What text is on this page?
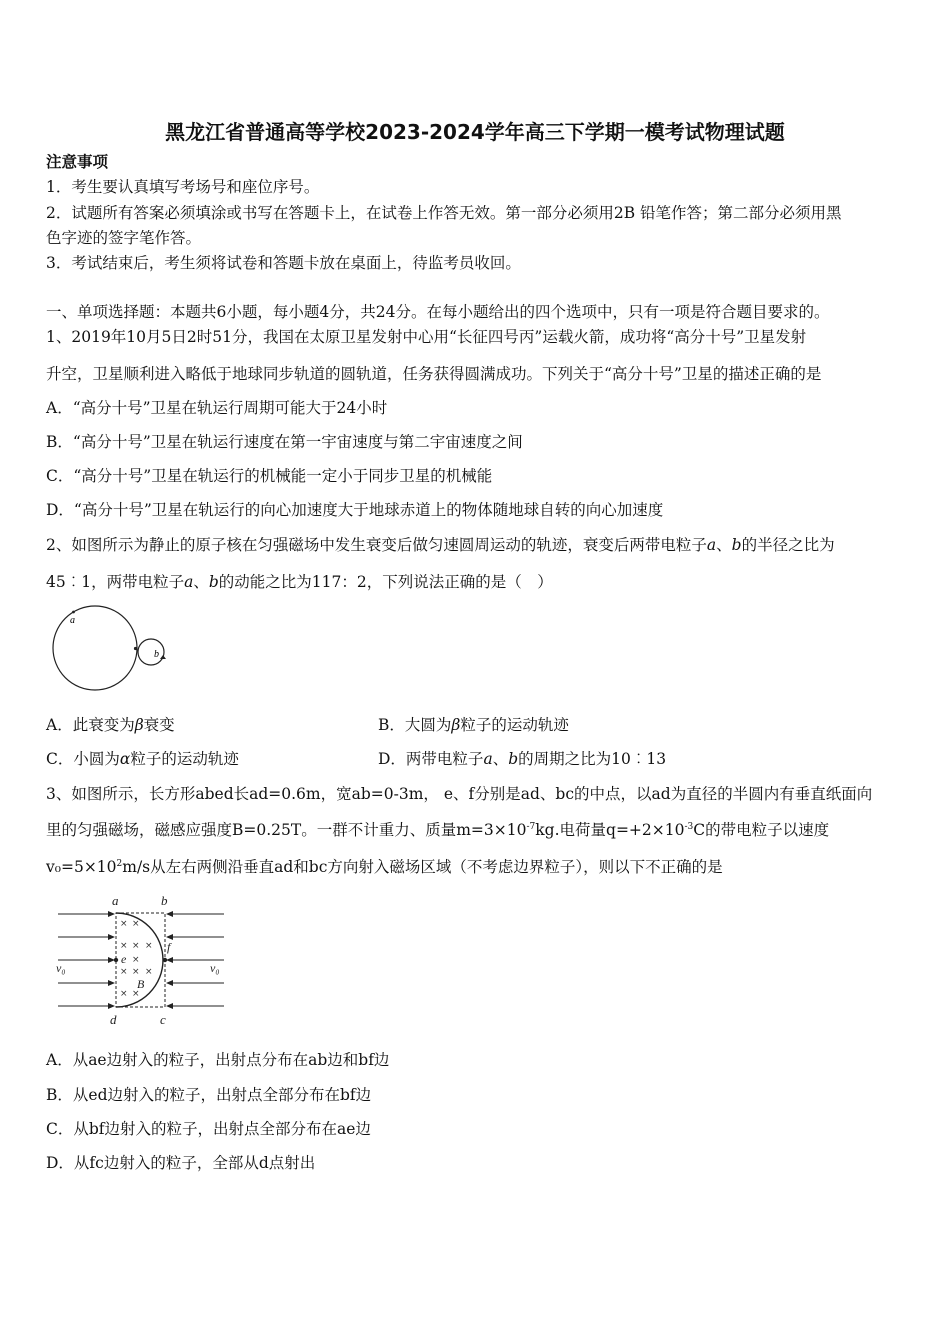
黑龙江省普通高等学校2023-2024学年高三下学期一模考试物理试题
注意事项
1．考生要认真填写考场号和座位序号。
2．试题所有答案必须填涂或书写在答题卡上，在试卷上作答无效。第一部分必须用2B 铅笔作答；第二部分必须用黑
色字迹的签字笔作答。
3．考试结束后，考生须将试卷和答题卡放在桌面上，待监考员收回。
一、单项选择题：本题共6小题，每小题4分，共24分。在每小题给出的四个选项中，只有一项是符合题目要求的。
1、2019年10月5日2时51分，我国在太原卫星发射中心用“长征四号丙”运载火箭，成功将“高分十号”卫星发射
升空，卫星顺利进入略低于地球同步轨道的圆轨道，任务获得圆满成功。下列关于“高分十号”卫星的描述正确的是
A．“高分十号”卫星在轨运行周期可能大于24小时
B．“高分十号”卫星在轨运行速度在第一宇宙速度与第二宇宙速度之间
C．“高分十号”卫星在轨运行的机械能一定小于同步卫星的机械能
D．“高分十号”卫星在轨运行的向心加速度大于地球赤道上的物体随地球自转的向心加速度
2、如图所示为静止的原子核在匀强磁场中发生衰变后做匀速圆周运动的轨迹，衰变后两带电粒子a、b的半径之比为
45︰1，两带电粒子a、b的动能之比为117：2，下列说法正确的是（　）
a
b
A．此衰变为β衰变	B．大圆为β粒子的运动轨迹
C．小圆为α粒子的运动轨迹	D．两带电粒子a、b的周期之比为10︰13
3、如图所示，长方形abed长ad=0.6m，宽ab=0-3m， e、f分别是ad、bc的中点，以ad为直径的半圆内有垂直纸面向
里的匀强磁场，磁感应强度B=0.25T。一群不计重力、质量$m=3\times 10^{-7}kg$.电荷量$q=+2\times 10^{-3}C$的带电粒子以速度
$v_0=5\times 10^2m/s$从左右两侧沿垂直ad和bc方向射入磁场区域（不考虑边界粒子），则以下不正确的是
× ×
× × ×
×
×
× ×
× ×
a	b
c
d
e
f
B
v₀	v₀
A．从ae边射入的粒子，出射点分布在ab边和bf边
B．从ed边射入的粒子，出射点全部分布在bf边
C．从bf边射入的粒子，出射点全部分布在ae边
D．从fc边射入的粒子，全部从d点射出
